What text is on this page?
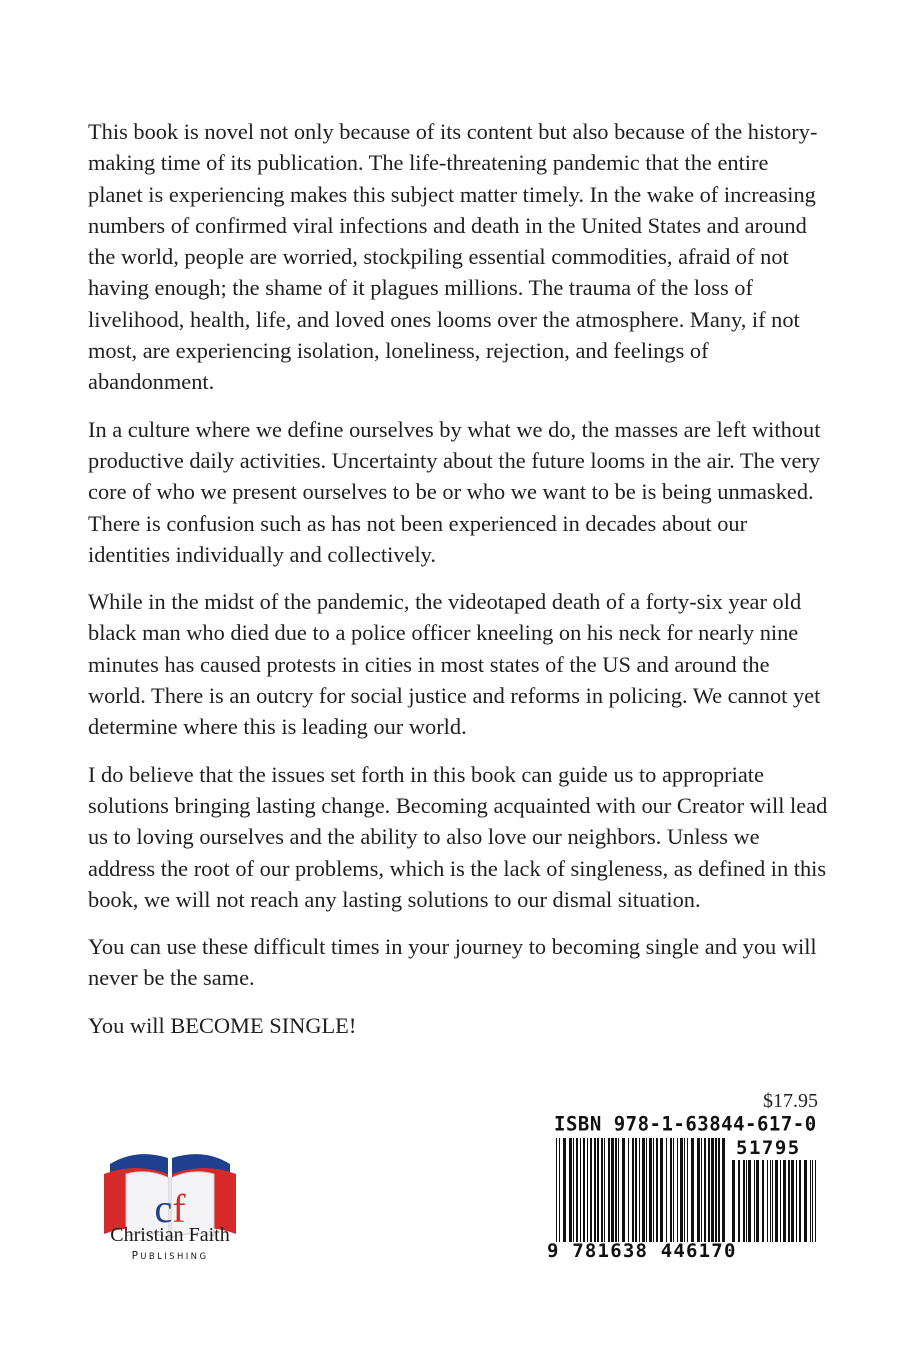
This book is novel not only because of its content but also because of the history-making time of its publication. The life-threatening pandemic that the entire planet is experiencing makes this subject matter timely. In the wake of increasing numbers of confirmed viral infections and death in the United States and around the world, people are worried, stockpiling essential commodities, afraid of not having enough; the shame of it plagues millions. The trauma of the loss of livelihood, health, life, and loved ones looms over the atmosphere. Many, if not most, are experiencing isolation, loneliness, rejection, and feelings of abandonment.

In a culture where we define ourselves by what we do, the masses are left without productive daily activities. Uncertainty about the future looms in the air. The very core of who we present ourselves to be or who we want to be is being unmasked. There is confusion such as has not been experienced in decades about our identities individually and collectively.

While in the midst of the pandemic, the videotaped death of a forty-six year old black man who died due to a police officer kneeling on his neck for nearly nine minutes has caused protests in cities in most states of the US and around the world. There is an outcry for social justice and reforms in policing. We cannot yet determine where this is leading our world.

I do believe that the issues set forth in this book can guide us to appropriate solutions bringing lasting change. Becoming acquainted with our Creator will lead us to loving ourselves and the ability to also love our neighbors. Unless we address the root of our problems, which is the lack of singleness, as defined in this book, we will not reach any lasting solutions to our dismal situation.

You can use these difficult times in your journey to becoming single and you will never be the same.

You will BECOME SINGLE!

cf
Christian Faith
PUBLISHING
$17.95
ISBN 978-1-63844-617-0
51795
9 781638 446170
